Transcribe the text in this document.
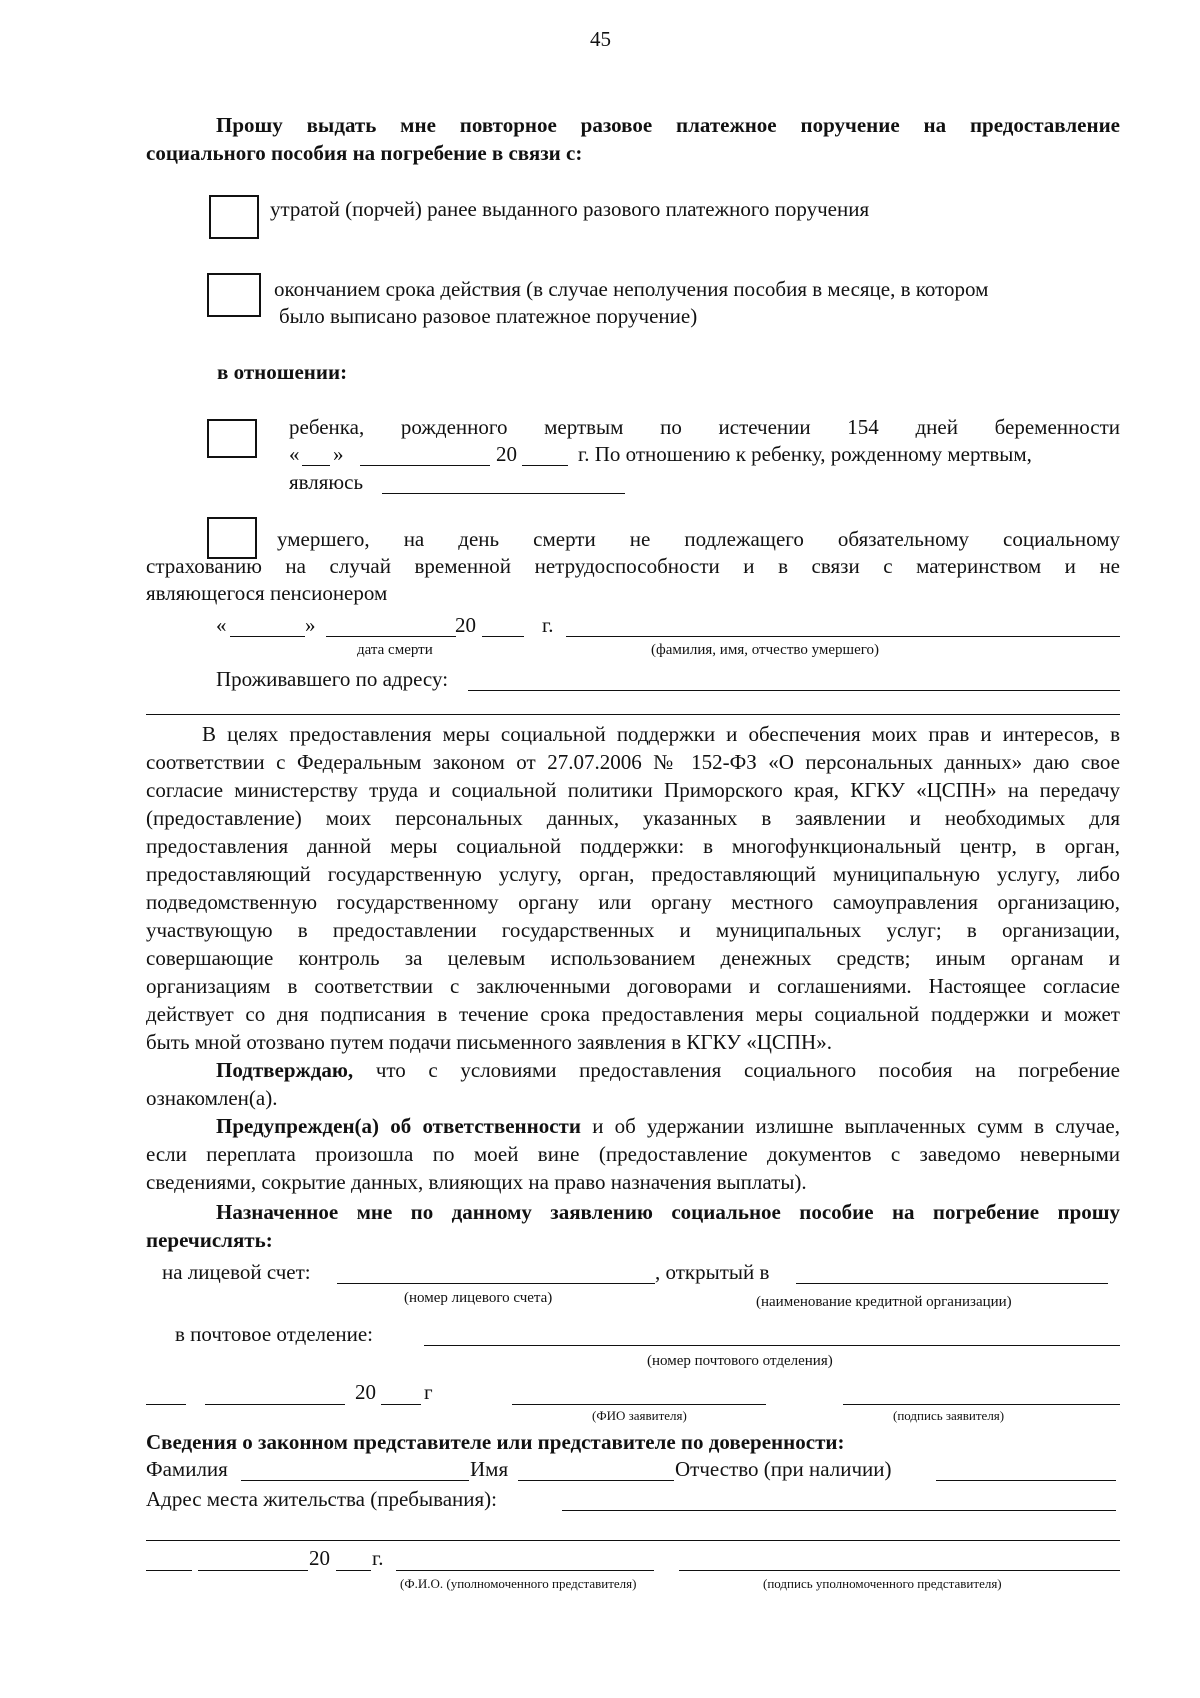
45
Прошу выдать мне повторное разовое платежное поручение на предоставление
социального пособия на погребение в связи с:
утратой (порчей) ранее выданного разового платежного поручения
окончанием срока действия (в случае неполучения пособия в месяце, в котором
было выписано разовое платежное поручение)
в отношении:
ребенка, рожденного мертвым по истечении 154 дней беременности
« »	20	г. По отношению к ребенку, рожденному мертвым,
являюсь
умершего, на день смерти не подлежащего обязательному социальному
страхованию на случай временной нетрудоспособности и в связи с материнством и не
являющегося пенсионером
«	»	20	г.
дата смерти	(фамилия, имя, отчество умершего)
Проживавшего по адресу:

В целях предоставления меры социальной поддержки и обеспечения моих прав и интересов, в

соответствии с Федеральным законом от 27.07.2006 № 152-ФЗ «О персональных данных» даю свое

согласие министерству труда и социальной политики Приморского края, КГКУ «ЦСПН» на передачу

(предоставление) моих персональных данных, указанных в заявлении и необходимых для

предоставления данной меры социальной поддержки: в многофункциональный центр, в орган,

предоставляющий государственную услугу, орган, предоставляющий муниципальную услугу, либо

подведомственную государственному органу или органу местного самоуправления организацию,

участвующую в предоставлении государственных и муниципальных услуг; в организации,

совершающие контроль за целевым использованием денежных средств; иным органам и

организациям в соответствии с заключенными договорами и соглашениями. Настоящее согласие

действует со дня подписания в течение срока предоставления меры социальной поддержки и может

быть мной отозвано путем подачи письменного заявления в КГКУ «ЦСПН».
Подтверждаю, что с условиями предоставления социального пособия на погребение
ознакомлен(а).
Предупрежден(а) об ответственности и об удержании излишне выплаченных сумм в случае,
если переплата произошла по моей вине (предоставление документов с заведомо неверными
сведениями, сокрытие данных, влияющих на право назначения выплаты).
Назначенное мне по данному заявлению социальное пособие на погребение прошу
перечислять:
на лицевой счет:	, открытый в
(номер лицевого счета)	(наименование кредитной организации)
в почтовое отделение:
(номер почтового отделения)
20 г
(ФИО заявителя)	(подпись заявителя)
Сведения о законном представителе или представителе по доверенности:
Фамилия	Имя	Отчество (при наличии)
Адрес места жительства (пребывания):
20 г.
(Ф.И.О. (уполномоченного представителя)	(подпись уполномоченного представителя)
